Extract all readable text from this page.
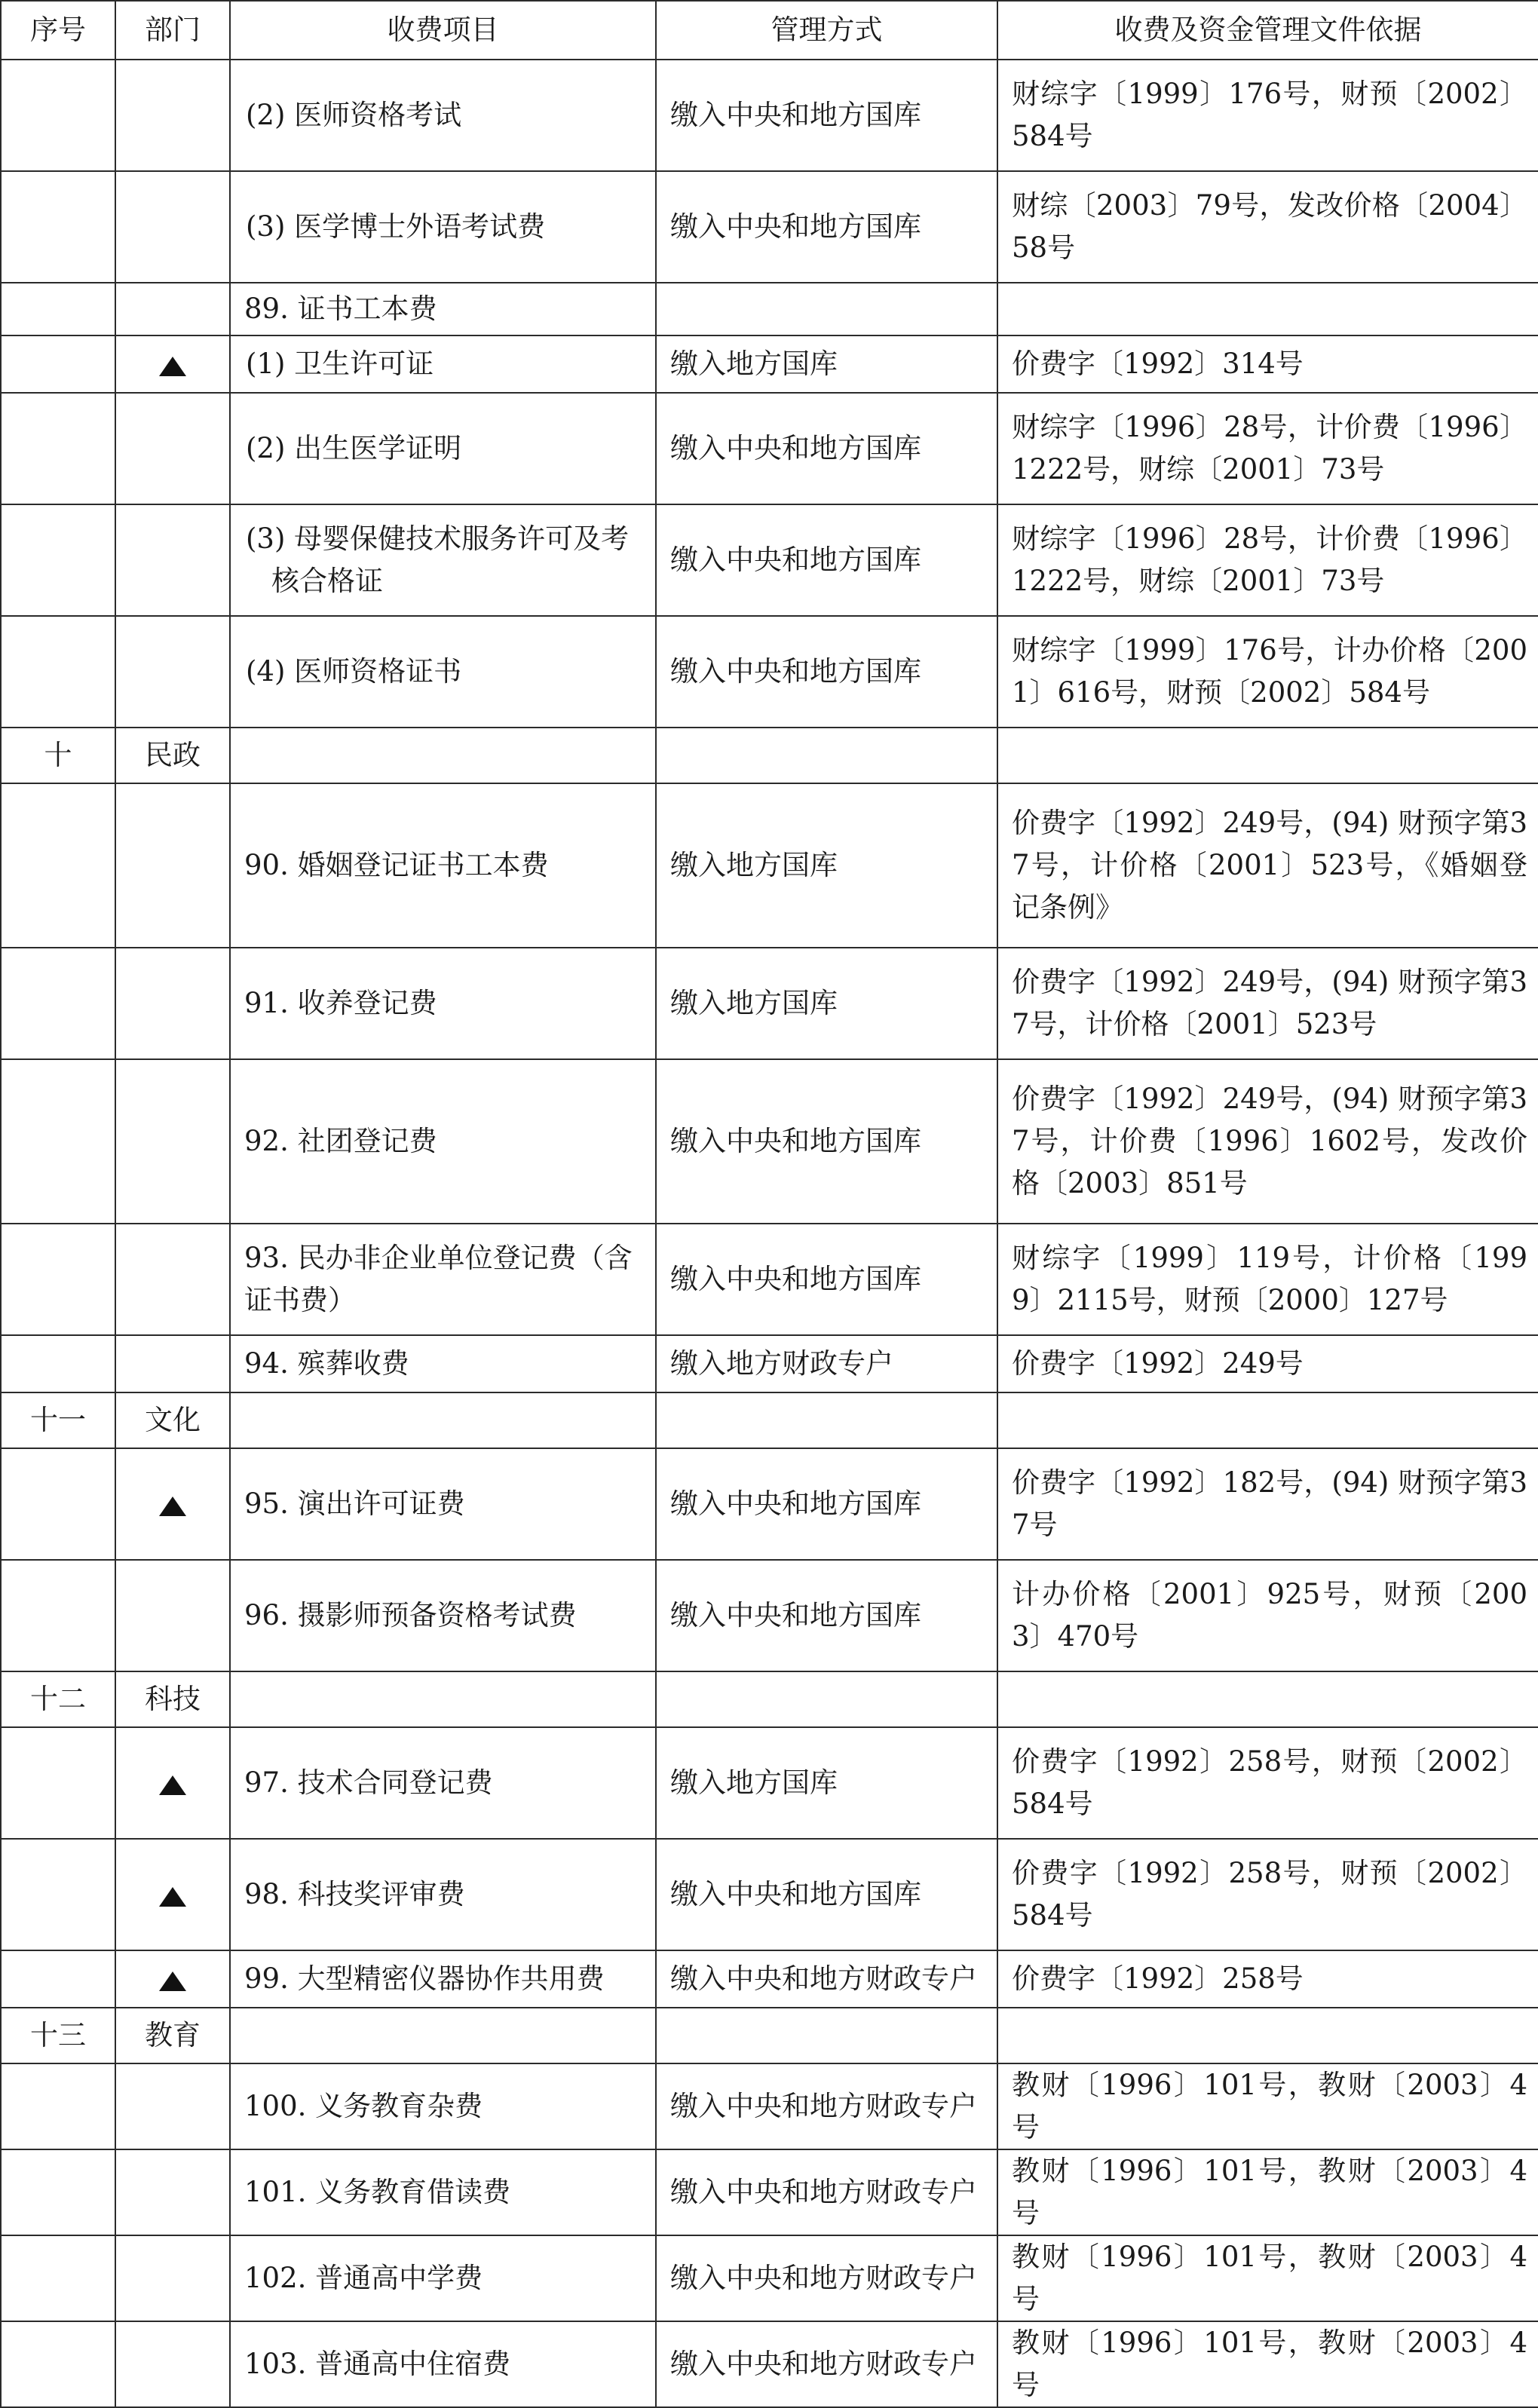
序号	部门	收费项目	管理方式	收费及资金管理文件依据
		(2) 医师资格考试	缴入中央和地方国库	财综字〔1999〕176号，财预〔2002〕584号
		(3) 医学博士外语考试费	缴入中央和地方国库	财综〔2003〕79号，发改价格〔2004〕58号
		89. 证书工本费		
		(1) 卫生许可证	缴入地方国库	价费字〔1992〕314号
		(2) 出生医学证明	缴入中央和地方国库	财综字〔1996〕28号，计价费〔1996〕1222号，财综〔2001〕73号
		(3) 母婴保健技术服务许可及考核合格证	缴入中央和地方国库	财综字〔1996〕28号，计价费〔1996〕1222号，财综〔2001〕73号
		(4) 医师资格证书	缴入中央和地方国库	财综字〔1999〕176号，计办价格〔2001〕616号，财预〔2002〕584号
十	民政			
		90. 婚姻登记证书工本费	缴入地方国库	价费字〔1992〕249号，(94) 财预字第37号，计价格〔2001〕523号，《婚姻登记条例》
		91. 收养登记费	缴入地方国库	价费字〔1992〕249号，(94) 财预字第37号，计价格〔2001〕523号
		92. 社团登记费	缴入中央和地方国库	价费字〔1992〕249号，(94) 财预字第37号，计价费〔1996〕1602号，发改价格〔2003〕851号
		93. 民办非企业单位登记费（含证书费）	缴入中央和地方国库	财综字〔1999〕119号，计价格〔1999〕2115号，财预〔2000〕127号
		94. 殡葬收费	缴入地方财政专户	价费字〔1992〕249号
十一	文化			
		95. 演出许可证费	缴入中央和地方国库	价费字〔1992〕182号，(94) 财预字第37号
		96. 摄影师预备资格考试费	缴入中央和地方国库	计办价格〔2001〕925号，财预〔2003〕470号
十二	科技			
		97. 技术合同登记费	缴入地方国库	价费字〔1992〕258号，财预〔2002〕584号
		98. 科技奖评审费	缴入中央和地方国库	价费字〔1992〕258号，财预〔2002〕584号
		99. 大型精密仪器协作共用费	缴入中央和地方财政专户	价费字〔1992〕258号
十三	教育			
		100. 义务教育杂费	缴入中央和地方财政专户	教财〔1996〕101号，教财〔2003〕4号
		101. 义务教育借读费	缴入中央和地方财政专户	教财〔1996〕101号，教财〔2003〕4号
		102. 普通高中学费	缴入中央和地方财政专户	教财〔1996〕101号，教财〔2003〕4号
		103. 普通高中住宿费	缴入中央和地方财政专户	教财〔1996〕101号，教财〔2003〕4号
